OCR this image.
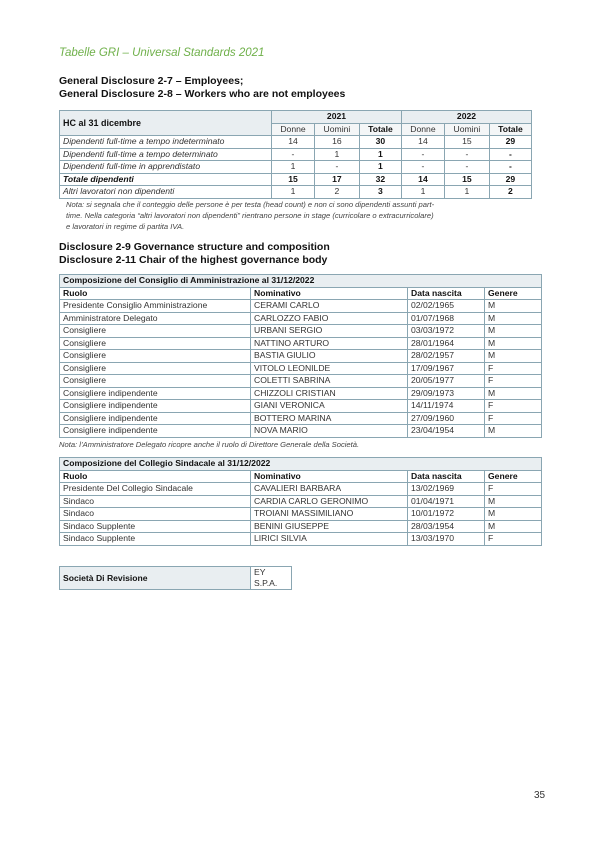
Tabelle GRI – Universal Standards 2021
General Disclosure 2-7 – Employees;
General Disclosure 2-8 – Workers who are not employees
HC al 31 dicembre	2021			2022		
	Donne	Uomini	Totale	Donne	Uomini	Totale
Dipendenti full-time a tempo indeterminato	14	16	30	14	15	29
Dipendenti full-time a tempo determinato	-	1	1	-	-	-
Dipendenti full-time in apprendistato	1	-	1	-	-	-
Totale dipendenti	15	17	32	14	15	29
Altri lavoratori non dipendenti	1	2	3	1	1	2
Nota: si segnala che il conteggio delle persone è per testa (head count) e non ci sono dipendenti assunti part-
time. Nella categoria “altri lavoratori non dipendenti” rientrano persone in stage (curricolare o extracurricolare)
e lavoratori in regime di partita IVA.
Disclosure 2-9 Governance structure and composition
Disclosure 2-11 Chair of the highest governance body
Composizione del Consiglio di Amministrazione al 31/12/2022			
Ruolo	Nominativo	Data nascita	Genere
Presidente Consiglio Amministrazione	CERAMI CARLO	02/02/1965	M
Amministratore Delegato	CARLOZZO FABIO	01/07/1968	M
Consigliere	URBANI SERGIO	03/03/1972	M
Consigliere	NATTINO ARTURO	28/01/1964	M
Consigliere	BASTIA GIULIO	28/02/1957	M
Consigliere	VITOLO LEONILDE	17/09/1967	F
Consigliere	COLETTI SABRINA	20/05/1977	F
Consigliere indipendente	CHIZZOLI CRISTIAN	29/09/1973	M
Consigliere indipendente	GIANI VERONICA	14/11/1974	F
Consigliere indipendente	BOTTERO MARINA	27/09/1960	F
Consigliere indipendente	NOVA MARIO	23/04/1954	M
Nota: l’Amministratore Delegato ricopre anche il ruolo di Direttore Generale della Società.
Composizione del Collegio Sindacale al 31/12/2022			
Ruolo	Nominativo	Data nascita	Genere
Presidente Del Collegio Sindacale	CAVALIERI BARBARA	13/02/1969	F
Sindaco	CARDIA CARLO GERONIMO	01/04/1971	M
Sindaco	TROIANI MASSIMILIANO	10/01/1972	M
Sindaco Supplente	BENINI GIUSEPPE	28/03/1954	M
Sindaco Supplente	LIRICI SILVIA	13/03/1970	F
Società Di Revisione	EY S.P.A.
35
